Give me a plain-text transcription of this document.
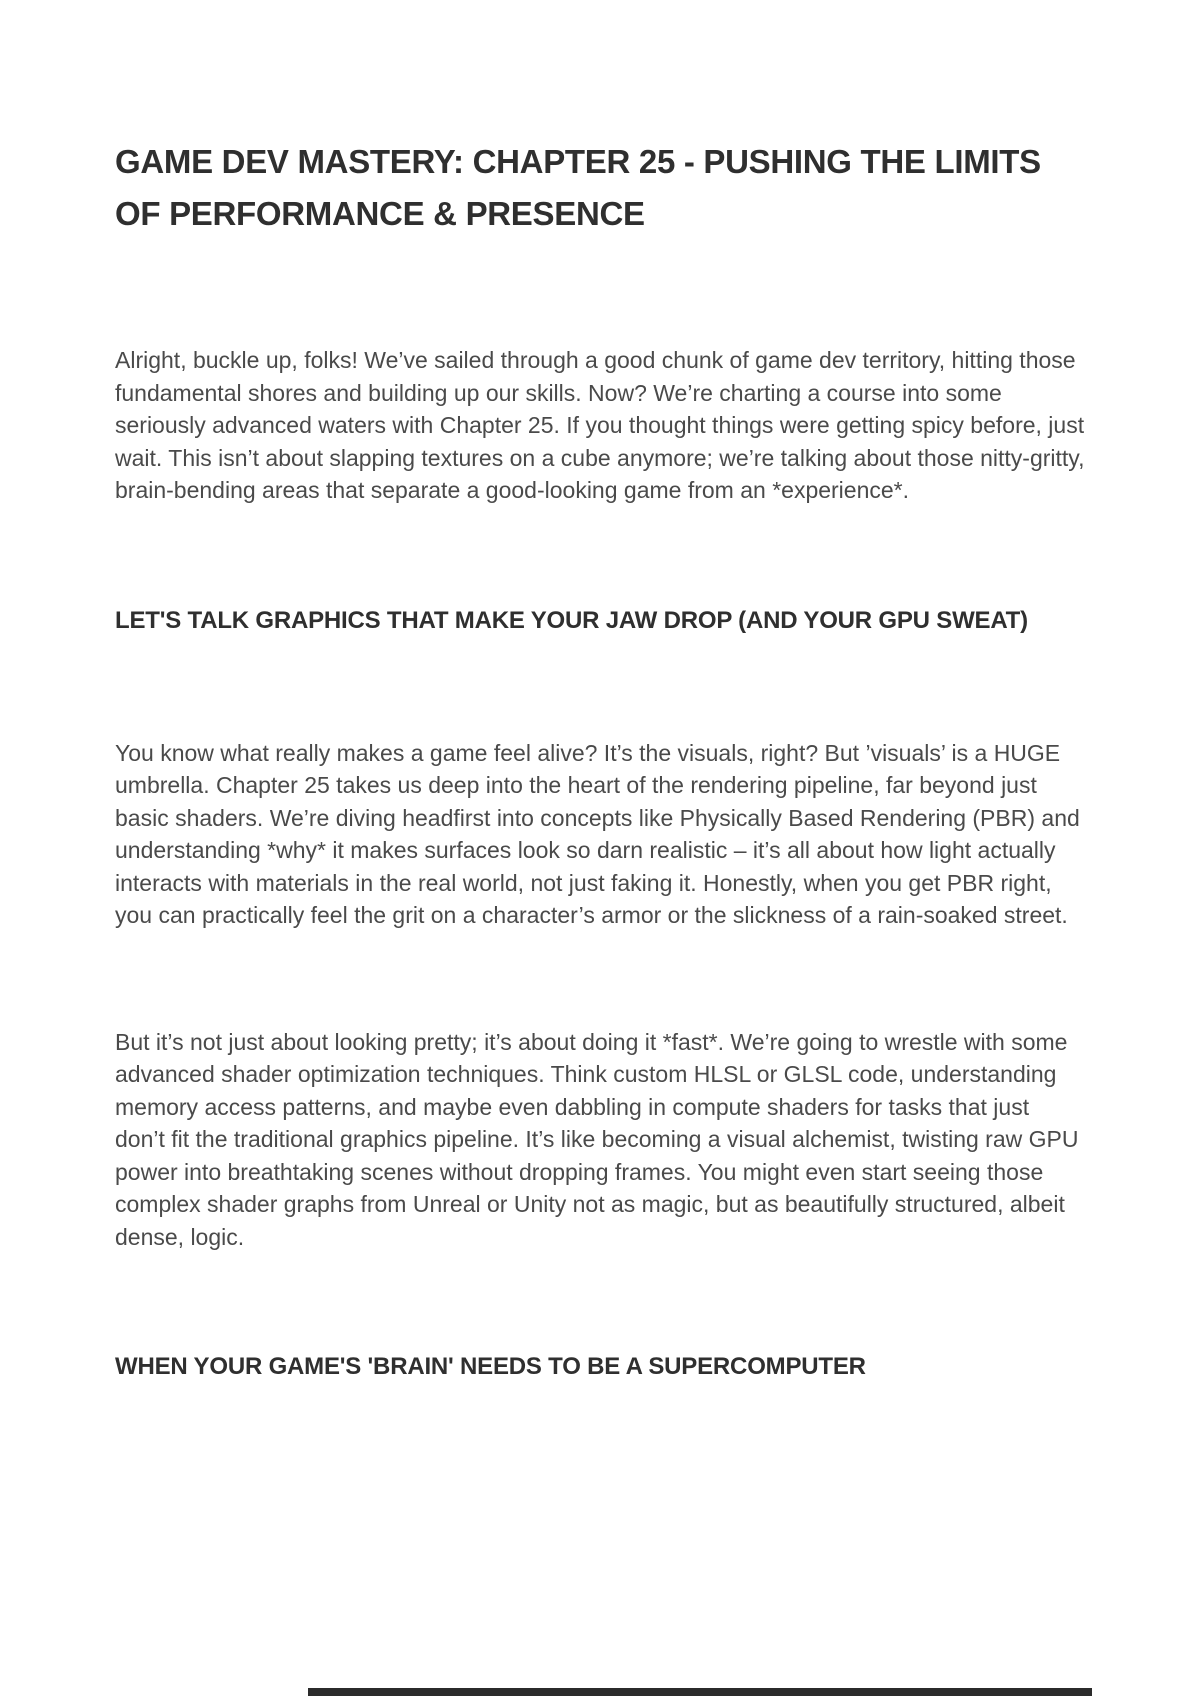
GAME DEV MASTERY: CHAPTER 25 - PUSHING THE LIMITS OF PERFORMANCE & PRESENCE

Alright, buckle up, folks! We’ve sailed through a good chunk of game dev territory, hitting those fundamental shores and building up our skills. Now? We’re charting a course into some seriously advanced waters with Chapter 25. If you thought things were getting spicy before, just wait. This isn’t about slapping textures on a cube anymore; we’re talking about those nitty-gritty, brain-bending areas that separate a good-looking game from an *experience*.

LET'S TALK GRAPHICS THAT MAKE YOUR JAW DROP (AND YOUR GPU SWEAT)

You know what really makes a game feel alive? It’s the visuals, right? But ’visuals’ is a HUGE umbrella. Chapter 25 takes us deep into the heart of the rendering pipeline, far beyond just basic shaders. We’re diving headfirst into concepts like Physically Based Rendering (PBR) and understanding *why* it makes surfaces look so darn realistic – it’s all about how light actually interacts with materials in the real world, not just faking it. Honestly, when you get PBR right, you can practically feel the grit on a character’s armor or the slickness of a rain-soaked street.

But it’s not just about looking pretty; it’s about doing it *fast*. We’re going to wrestle with some advanced shader optimization techniques. Think custom HLSL or GLSL code, understanding memory access patterns, and maybe even dabbling in compute shaders for tasks that just don’t fit the traditional graphics pipeline. It’s like becoming a visual alchemist, twisting raw GPU power into breathtaking scenes without dropping frames. You might even start seeing those complex shader graphs from Unreal or Unity not as magic, but as beautifully structured, albeit dense, logic.

WHEN YOUR GAME'S 'BRAIN' NEEDS TO BE A SUPERCOMPUTER
